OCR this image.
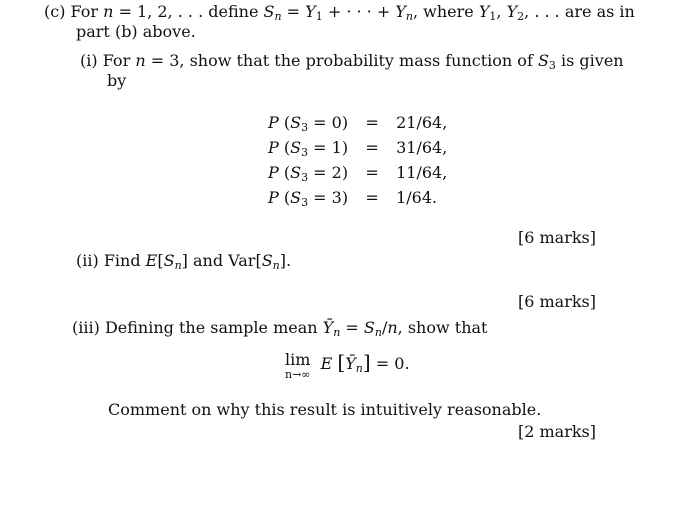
(c) For n = 1, 2, . . . define $S_n = Y_1$ + · · · + $Y_n$, where $Y_1$, $Y_2$, . . . are as in
part (b) above.
(i) For n = 3, show that the probability mass function of $S_3$ is given
by
P $(S_3 = 0)$	=	21/64,
P $(S_3 = 1)$	=	31/64,
P $(S_3 = 2)$	=	11/64,
P $(S_3 = 3)$	=	1/64.
[6 marks]
(ii) Find $E[S_n]$ and $Var[S_n]$.
[6 marks]
(iii) Defining the sample mean $Ȳ_n = S_n/n$, show that
lim
n→∞
E $[Ȳ_n] = 0$.
Comment on why this result is intuitively reasonable.
[2 marks]
